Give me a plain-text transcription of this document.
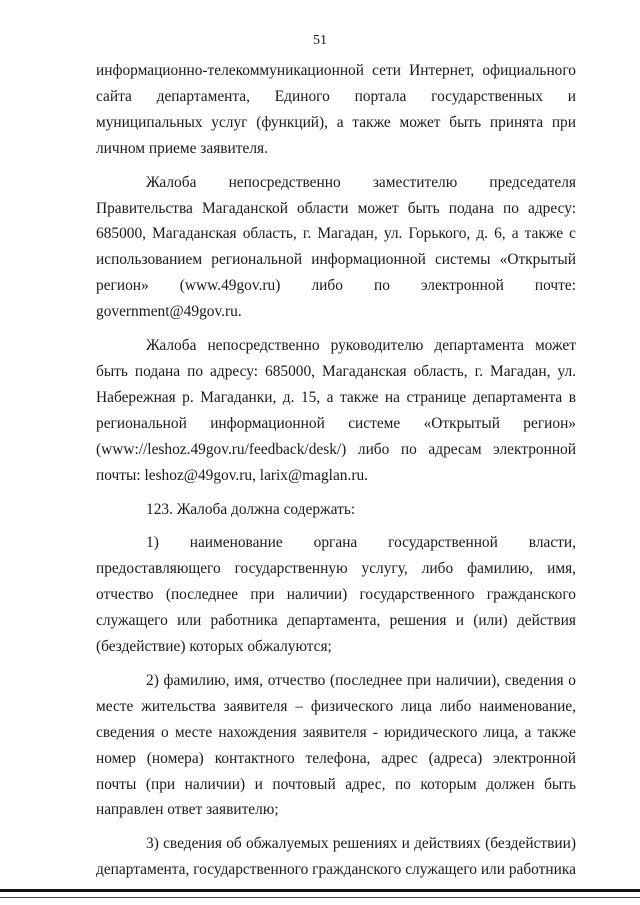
51

информационно-телекоммуникационной сети Интернет, официального сайта департамента, Единого портала государственных и муниципальных услуг (функций), а также может быть принята при личном приеме заявителя.

Жалоба непосредственно заместителю председателя Правительства Магаданской области может быть подана по адресу: 685000, Магаданская область, г. Магадан, ул. Горького, д. 6, а также с использованием региональной информационной системы «Открытый регион» (www.49gov.ru) либо по электронной почте: government@49gov.ru.

Жалоба непосредственно руководителю департамента может быть подана по адресу: 685000, Магаданская область, г. Магадан, ул. Набережная р. Магаданки, д. 15, а также на странице департамента в региональной информационной системе «Открытый регион» (www://leshoz.49gov.ru/feedback/desk/) либо по адресам электронной почты: leshoz@49gov.ru, larix@maglan.ru.

123. Жалоба должна содержать:

1) наименование органа государственной власти,

предоставляющего государственную услугу, либо фамилию, имя, отчество (последнее при наличии) государственного гражданского служащего или работника департамента, решения и (или) действия (бездействие) которых обжалуются;

2) фамилию, имя, отчество (последнее при наличии), сведения о месте жительства заявителя – физического лица либо наименование, сведения о месте нахождения заявителя - юридического лица, а также номер (номера) контактного телефона, адрес (адреса) электронной почты (при наличии) и почтовый адрес, по которым должен быть направлен ответ заявителю;

3) сведения об обжалуемых решениях и действиях (бездействии) департамента, государственного гражданского служащего или работника
